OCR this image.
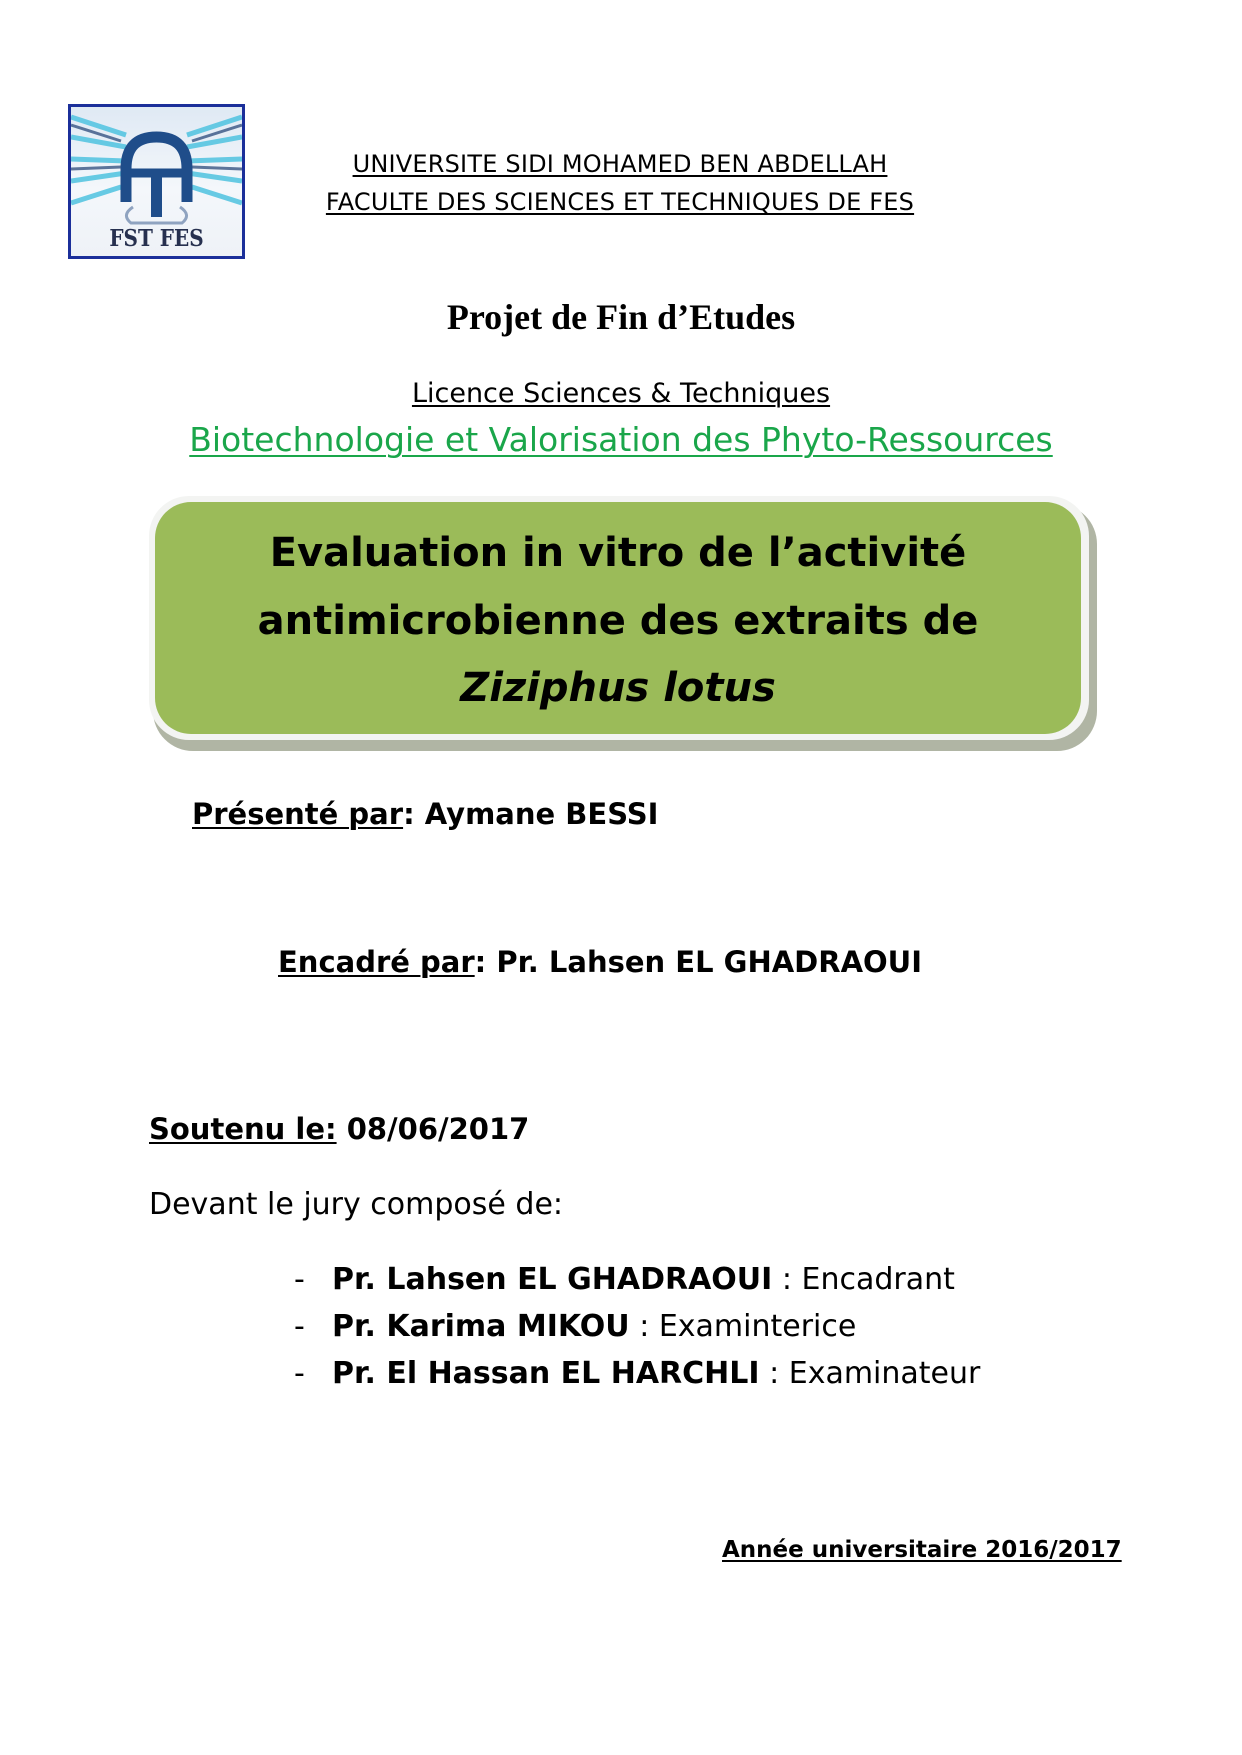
FST FES
UNIVERSITE SIDI MOHAMED BEN ABDELLAH
FACULTE DES SCIENCES ET TECHNIQUES DE FES
Projet de Fin d’Etudes
Licence Sciences & Techniques
Biotechnologie et Valorisation des Phyto-Ressources
Evaluation in vitro de l’activité
antimicrobienne des extraits de
Ziziphus lotus
Présenté par: Aymane BESSI
Encadré par: Pr. Lahsen EL GHADRAOUI
Soutenu le: 08/06/2017
Devant le jury composé de:
- Pr. Lahsen EL GHADRAOUI : Encadrant
- Pr. Karima MIKOU : Examinterice
- Pr. El Hassan EL HARCHLI : Examinateur
Année universitaire 2016/2017
